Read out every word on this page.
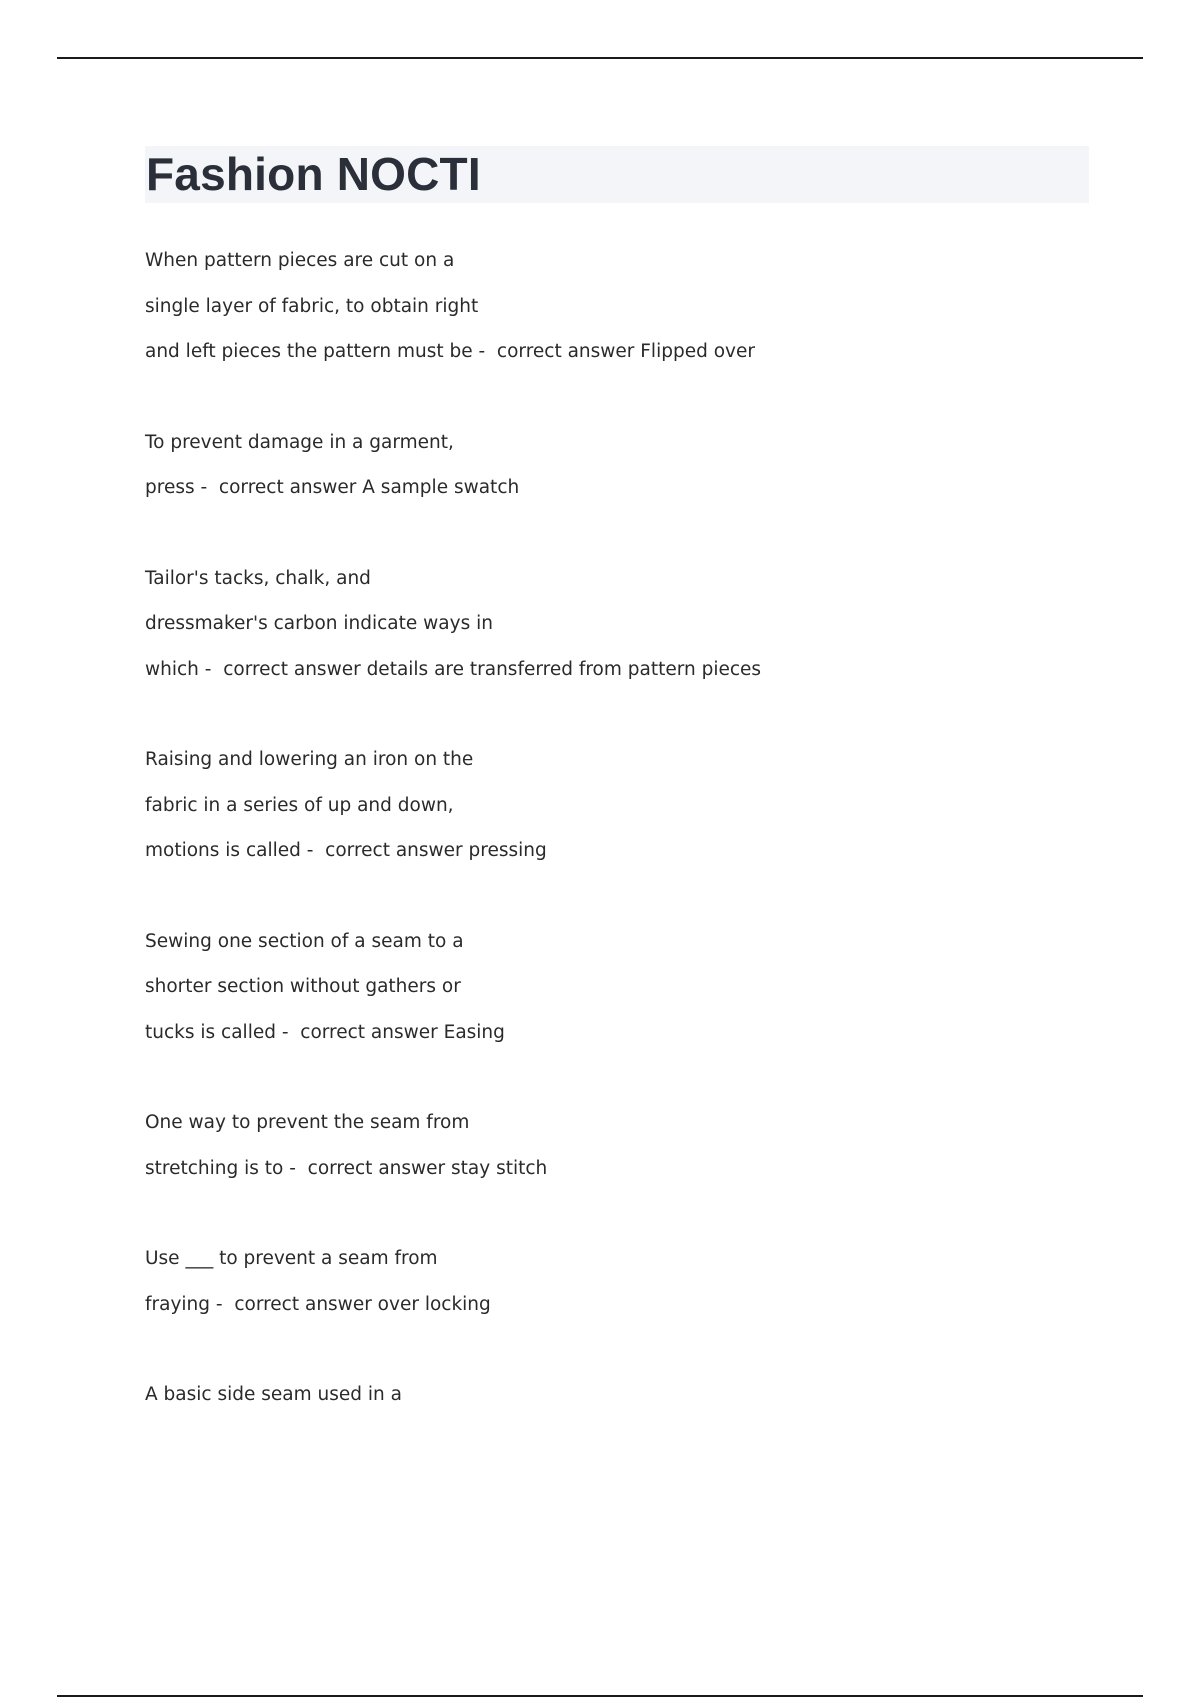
Fashion NOCTI
When pattern pieces are cut on a
single layer of fabric, to obtain right
and left pieces the pattern must be -  correct answer Flipped over
To prevent damage in a garment,
press -  correct answer A sample swatch
Tailor's tacks, chalk, and
dressmaker's carbon indicate ways in
which -  correct answer details are transferred from pattern pieces
Raising and lowering an iron on the
fabric in a series of up and down,
motions is called -  correct answer pressing
Sewing one section of a seam to a
shorter section without gathers or
tucks is called -  correct answer Easing
One way to prevent the seam from
stretching is to -  correct answer stay stitch
Use ___ to prevent a seam from
fraying -  correct answer over locking
A basic side seam used in a
